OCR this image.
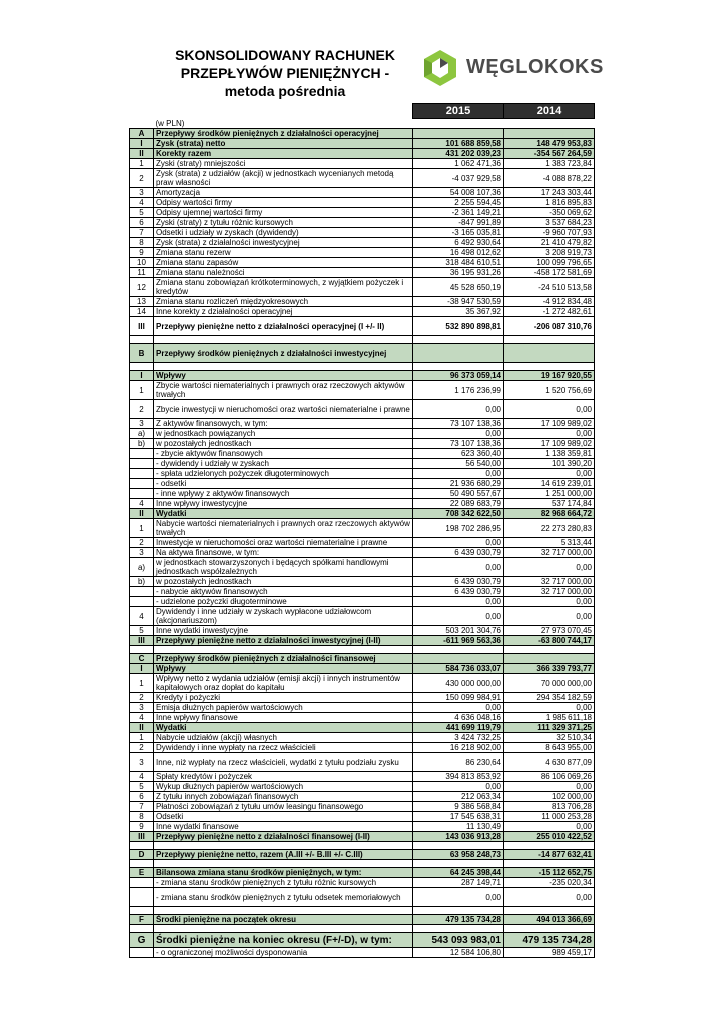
SKONSOLIDOWANY RACHUNEK
PRZEPŁYWÓW PIENIĘŻNYCH -
metoda pośrednia
WĘGLOKOKS
		2015	2014
	(w PLN)		
A	Przepływy środków pieniężnych z działalności operacyjnej		
I	Zysk (strata) netto	101 688 859,58	148 479 953,83
II	Korekty razem	431 202 039,23	-354 567 264,59
1	Zyski (straty) mniejszości	1 062 471,36	1 383 723,84
2	Zysk (strata) z udziałów (akcji) w jednostkach wycenianych metodą praw własności	-4 037 929,58	-4 088 878,22
3	Amortyzacja	54 008 107,36	17 243 303,44
4	Odpisy wartości firmy	2 255 594,45	1 816 895,83
5	Odpisy ujemnej wartości firmy	-2 361 149,21	-350 069,62
6	Zyski (straty) z tytułu różnic kursowych	-847 991,89	3 537 684,23
7	Odsetki i udziały w zyskach (dywidendy)	-3 165 035,81	-9 960 707,93
8	Zysk (strata) z działalności inwestycyjnej	6 492 930,64	21 410 479,82
9	Zmiana stanu rezerw	16 498 012,62	3 208 919,73
10	Zmiana stanu zapasów	318 484 610,51	100 099 796,65
11	Zmiana stanu należności	36 195 931,26	-458 172 581,69
12	Zmiana stanu zobowiązań krótkoterminowych, z wyjątkiem pożyczek i kredytów	45 528 650,19	-24 510 513,58
13	Zmiana stanu rozliczeń międzyokresowych	-38 947 530,59	-4 912 834,48
14	Inne korekty z działalności operacyjnej	35 367,92	-1 272 482,61
III	Przepływy pieniężne netto z działalności operacyjnej (I +/- II)	532 890 898,81	-206 087 310,76

B	Przepływy środków pieniężnych z działalności inwestycyjnej		

I	Wpływy	96 373 059,14	19 167 920,55
1	Zbycie wartości niematerialnych i prawnych oraz rzeczowych aktywów trwałych	1 176 236,99	1 520 756,69
2	Zbycie inwestycji w nieruchomości oraz wartości niematerialne i prawne	0,00	0,00
3	Z aktywów finansowych, w tym:	73 107 138,36	17 109 989,02
a)	w jednostkach powiązanych	0,00	0,00
b)	w pozostałych jednostkach	73 107 138,36	17 109 989,02
	- zbycie aktywów finansowych	623 360,40	1 138 359,81
	- dywidendy i udziały w zyskach	56 540,00	101 390,20
	- spłata udzielonych pożyczek długoterminowych	0,00	0,00
	- odsetki	21 936 680,29	14 619 239,01
	- inne wpływy z aktywów finansowych	50 490 557,67	1 251 000,00
4	Inne wpływy inwestycyjne	22 089 683,79	537 174,84
II	Wydatki	708 342 622,50	82 968 664,72
1	Nabycie wartości niematerialnych i prawnych oraz rzeczowych aktywów trwałych	198 702 286,95	22 273 280,83
2	Inwestycje w nieruchomości oraz wartości niematerialne i prawne	0,00	5 313,44
3	Na aktywa finansowe, w tym:	6 439 030,79	32 717 000,00
a)	w jednostkach stowarzyszonych i będących spółkami handlowymi jednostkach współzależnych	0,00	0,00
b)	w pozostałych jednostkach	6 439 030,79	32 717 000,00
	- nabycie aktywów finansowych	6 439 030,79	32 717 000,00
	- udzielone pożyczki długoterminowe	0,00	0,00
4	Dywidendy i inne udziały w zyskach wypłacone udziałowcom (akcjonariuszom)	0,00	0,00
5	Inne wydatki inwestycyjne	503 201 304,76	27 973 070,45
III	Przepływy pieniężne netto z działalności inwestycyjnej (I-II)	-611 969 563,36	-63 800 744,17

C	Przepływy środków pieniężnych z działalności finansowej		
I	Wpływy	584 736 033,07	366 339 793,77
1	Wpływy netto z wydania udziałów (emisji akcji) i innych instrumentów kapitałowych oraz dopłat do kapitału	430 000 000,00	70 000 000,00
2	Kredyty i pożyczki	150 099 984,91	294 354 182,59
3	Emisja dłużnych papierów wartościowych	0,00	0,00
4	Inne wpływy finansowe	4 636 048,16	1 985 611,18
II	Wydatki	441 699 119,79	111 329 371,25
1	Nabycie udziałów (akcji) własnych	3 424 732,25	32 510,34
2	Dywidendy i inne wypłaty na rzecz właścicieli	16 218 902,00	8 643 955,00
3	Inne, niż wypłaty na rzecz właścicieli, wydatki z tytułu podziału zysku	86 230,64	4 630 877,09
4	Spłaty kredytów i pożyczek	394 813 853,92	86 106 069,26
5	Wykup dłużnych papierów wartościowych	0,00	0,00
6	Z tytułu innych zobowiązań finansowych	212 063,34	102 000,00
7	Płatności zobowiązań z tytułu umów leasingu finansowego	9 386 568,84	813 706,28
8	Odsetki	17 545 638,31	11 000 253,28
9	Inne wydatki finansowe	11 130,49	0,00
III	Przepływy pieniężne netto z działalności finansowej (I-II)	143 036 913,28	255 010 422,52

D	Przepływy pieniężne netto, razem (A.III +/- B.III +/- C.III)	63 958 248,73	-14 877 632,41

E	Bilansowa zmiana stanu środków pieniężnych, w tym:	64 245 398,44	-15 112 652,75
	- zmiana stanu środków pieniężnych z tytułu różnic kursowych	287 149,71	-235 020,34
	- zmiana stanu środków pieniężnych z tytułu odsetek memoriałowych	0,00	0,00

F	Środki pieniężne na początek okresu	479 135 734,28	494 013 366,69

G	Środki pieniężne na koniec okresu (F+/-D), w tym:	543 093 983,01	479 135 734,28
	- o ograniczonej możliwości dysponowania	12 584 106,80	989 459,17
